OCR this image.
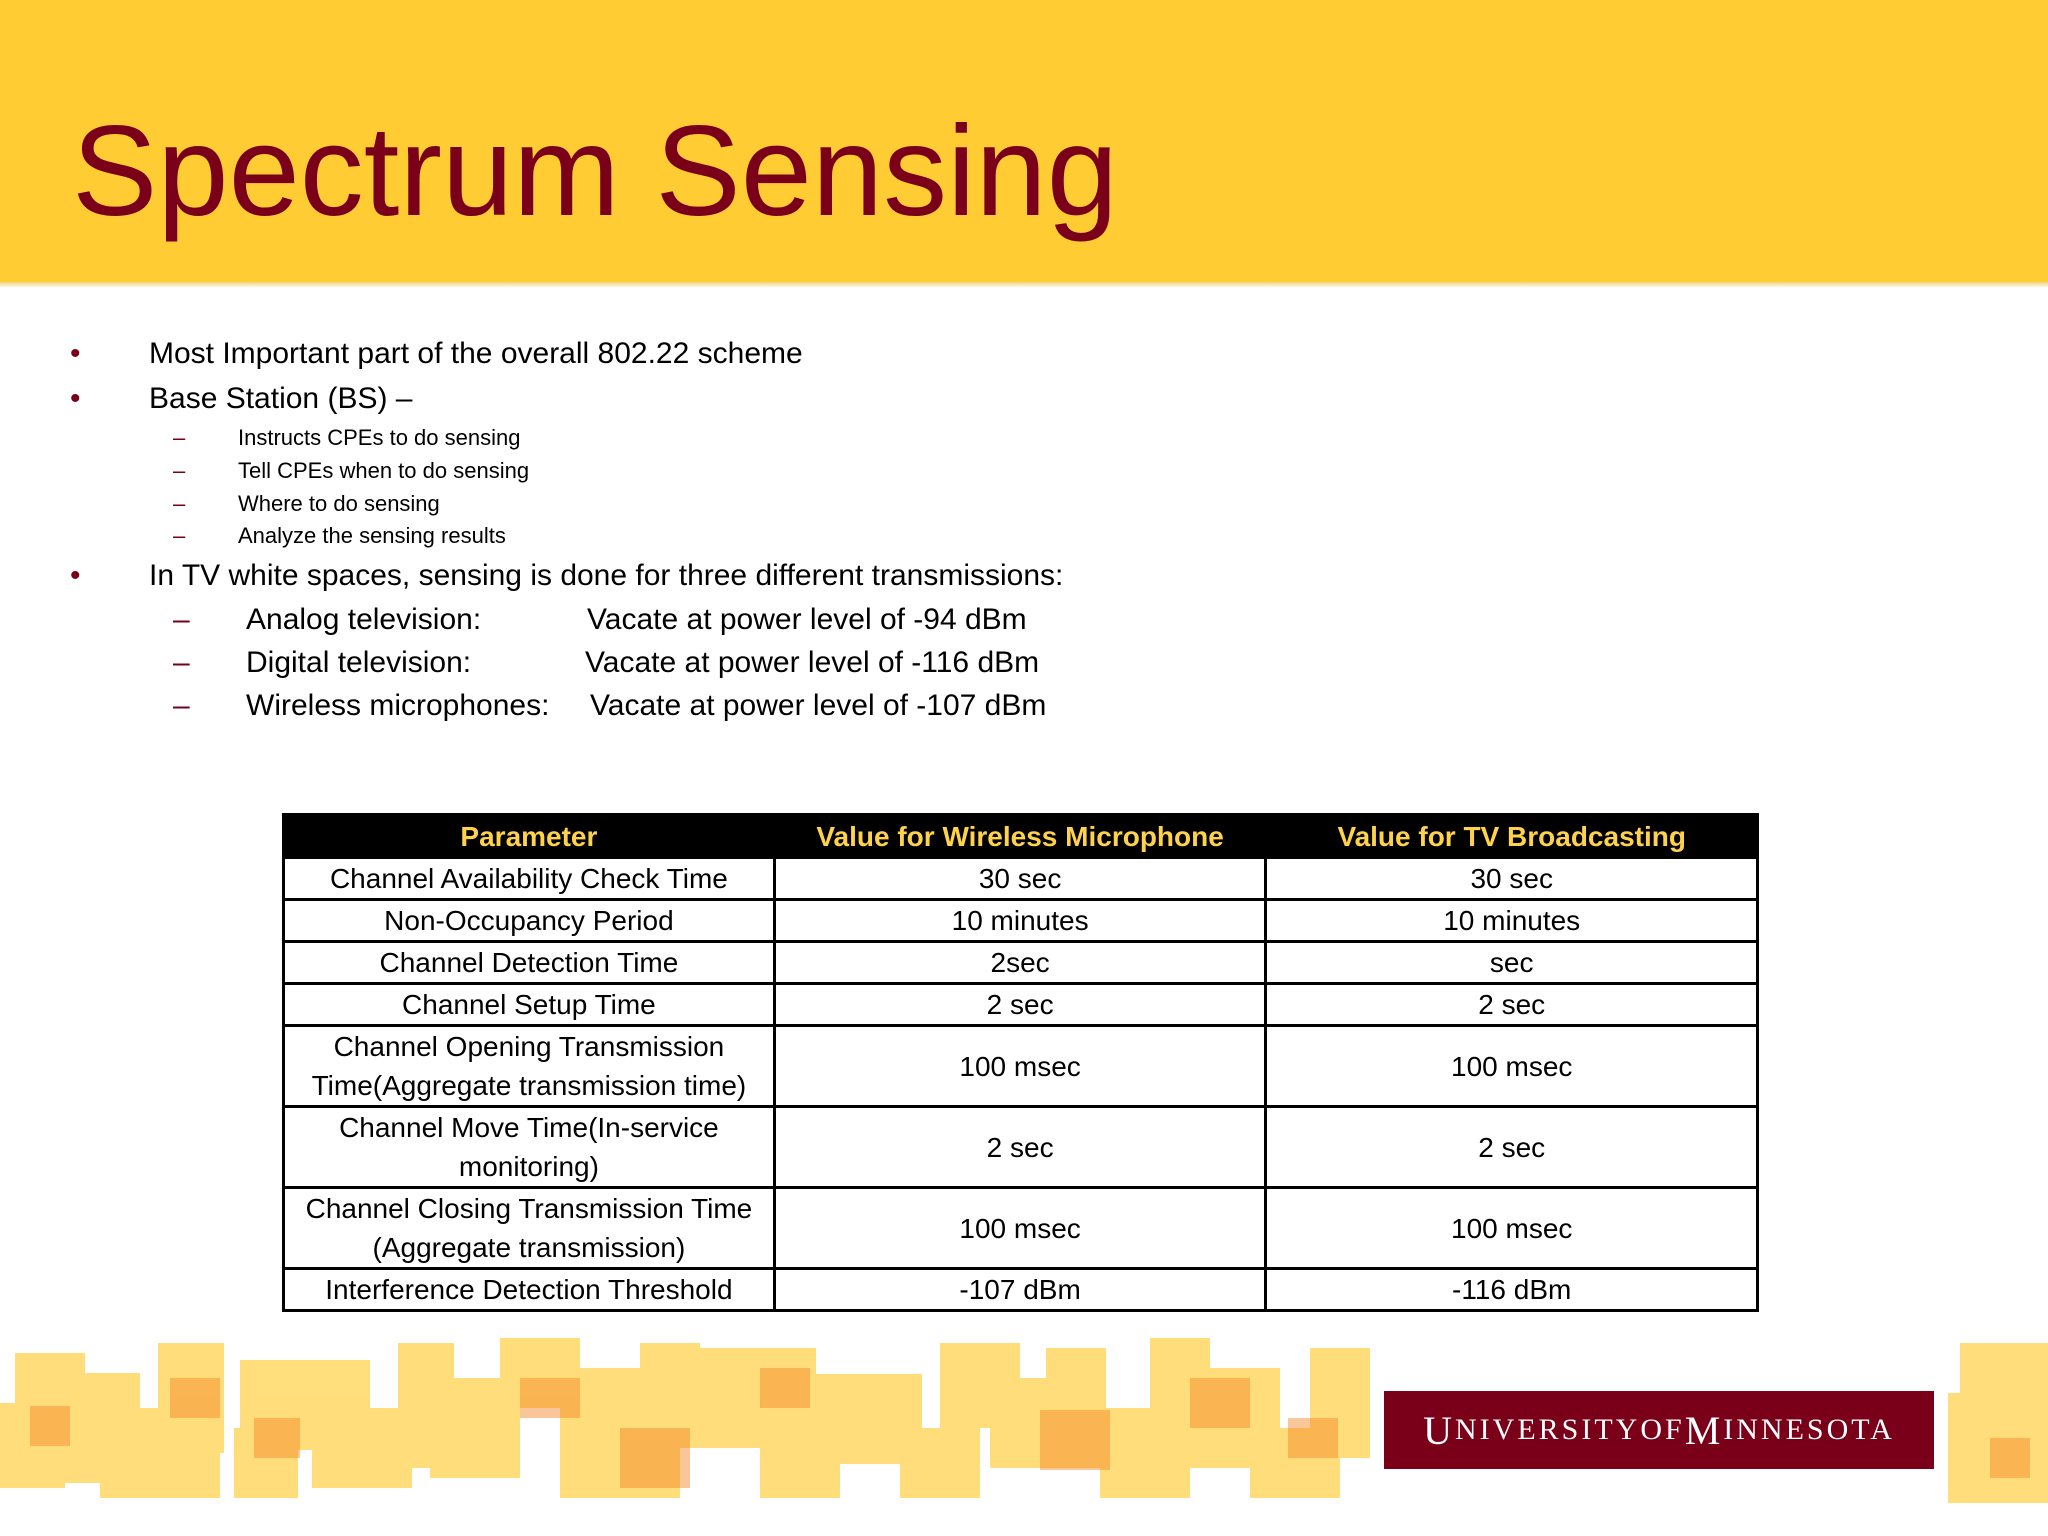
Spectrum Sensing
• Most Important part of the overall 802.22 scheme
• Base Station (BS) –
– Instructs CPEs to do sensing
– Tell CPEs when to do sensing
– Where to do sensing
– Analyze the sensing results
• In TV white spaces, sensing is done for three different transmissions:
– Analog television:	Vacate at power level of -94 dBm
– Digital television:	Vacate at power level of -116 dBm
– Wireless microphones: Vacate at power level of -107 dBm
Parameter	Value for Wireless Microphone	Value for TV Broadcasting
Channel Availability Check Time	30 sec	30 sec
Non-Occupancy Period	10 minutes	10 minutes
Channel Detection Time	2sec	sec
Channel Setup Time	2 sec	2 sec
Channel Opening Transmission Time(Aggregate transmission time)	100 msec	100 msec
Channel Move Time(In-service monitoring)	2 sec	2 sec
Channel Closing Transmission Time (Aggregate transmission)	100 msec	100 msec
Interference Detection Threshold	-107 dBm	-116 dBm
U NIVERSITY OF M INNESOTA
